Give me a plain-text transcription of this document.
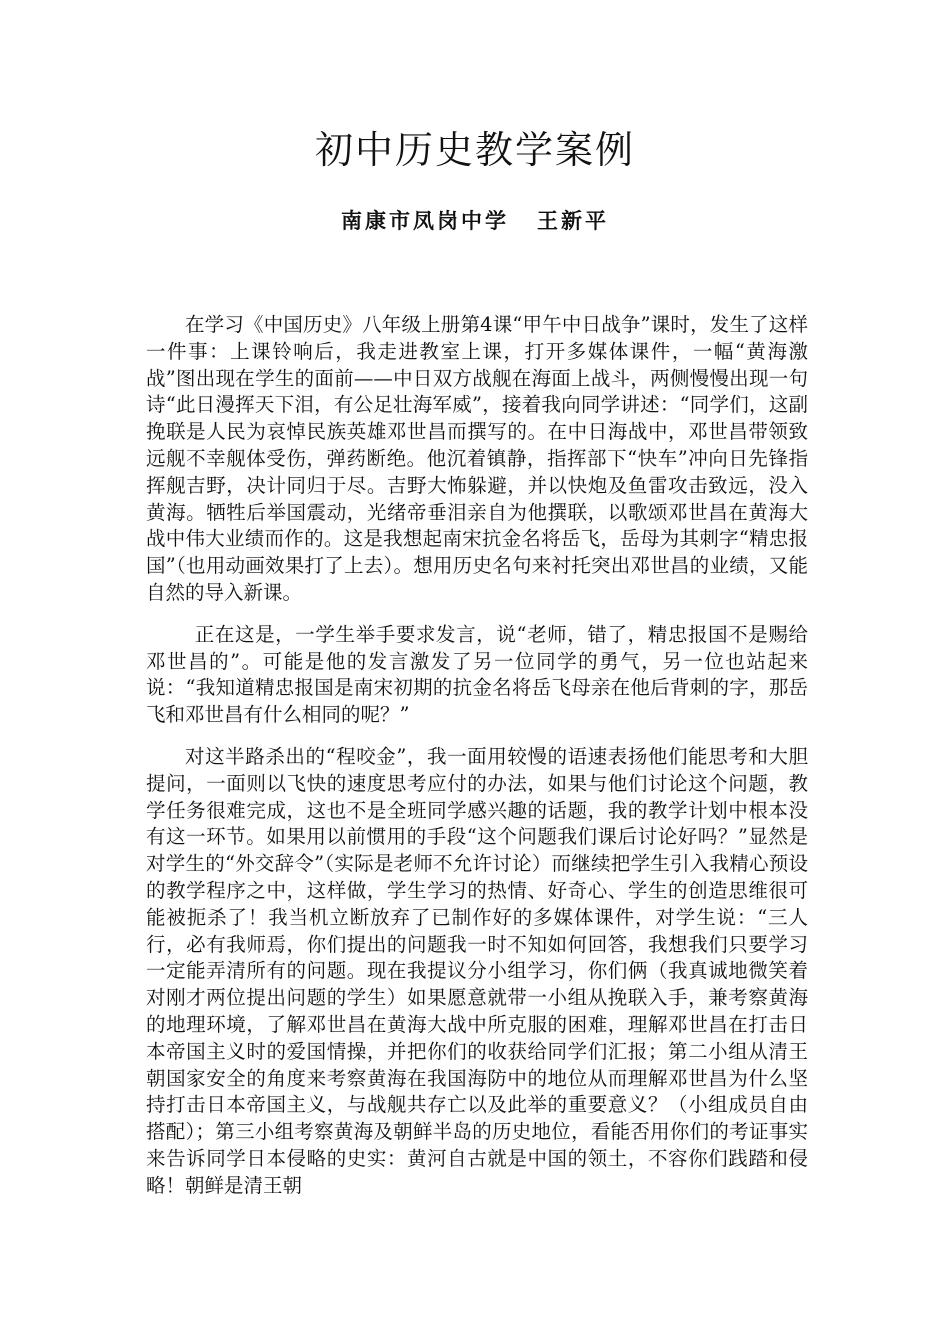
初中历史教学案例
南康市凤岗中学 王新平

在学习《中国历史》八年级上册第4课“甲午中日战争”课时，发生了这样一件事：上课铃响后，我走进教室上课，打开多媒体课件，一幅“黄海激战”图出现在学生的面前——中日双方战舰在海面上战斗，两侧慢慢出现一句诗“此日漫挥天下泪，有公足壮海军威”，接着我向同学讲述：“同学们，这副挽联是人民为哀悼民族英雄邓世昌而撰写的。在中日海战中，邓世昌带领致远舰不幸舰体受伤，弹药断绝。他沉着镇静，指挥部下“快车”冲向日先锋指挥舰吉野，决计同归于尽。吉野大怖躲避，并以快炮及鱼雷攻击致远，没入黄海。牺牲后举国震动，光绪帝垂泪亲自为他撰联，以歌颂邓世昌在黄海大战中伟大业绩而作的。这是我想起南宋抗金名将岳飞，岳母为其刺字“精忠报国”（也用动画效果打了上去）。想用历史名句来衬托突出邓世昌的业绩，又能自然的导入新课。

正在这是，一学生举手要求发言，说“老师，错了，精忠报国不是赐给邓世昌的”。可能是他的发言激发了另一位同学的勇气，另一位也站起来说：“我知道精忠报国是南宋初期的抗金名将岳飞母亲在他后背刺的字，那岳飞和邓世昌有什么相同的呢？”

对这半路杀出的“程咬金”，我一面用较慢的语速表扬他们能思考和大胆提问，一面则以飞快的速度思考应付的办法，如果与他们讨论这个问题，教学任务很难完成，这也不是全班同学感兴趣的话题，我的教学计划中根本没有这一环节。如果用以前惯用的手段“这个问题我们课后讨论好吗？”显然是对学生的“外交辞令”（实际是老师不允许讨论）而继续把学生引入我精心预设的教学程序之中，这样做，学生学习的热情、好奇心、学生的创造思维很可能被扼杀了！我当机立断放弃了已制作好的多媒体课件，对学生说：“三人行，必有我师焉，你们提出的问题我一时不知如何回答，我想我们只要学习一定能弄清所有的问题。现在我提议分小组学习，你们俩（我真诚地微笑着对刚才两位提出问题的学生）如果愿意就带一小组从挽联入手，兼考察黄海的地理环境，了解邓世昌在黄海大战中所克服的困难，理解邓世昌在打击日本帝国主义时的爱国情操，并把你们的收获给同学们汇报；第二小组从清王朝国家安全的角度来考察黄海在我国海防中的地位从而理解邓世昌为什么坚持打击日本帝国主义，与战舰共存亡以及此举的重要意义？（小组成员自由搭配）；第三小组考察黄海及朝鲜半岛的历史地位，看能否用你们的考证事实来告诉同学日本侵略的史实：黄河自古就是中国的领土，不容你们践踏和侵略！朝鲜是清王朝
